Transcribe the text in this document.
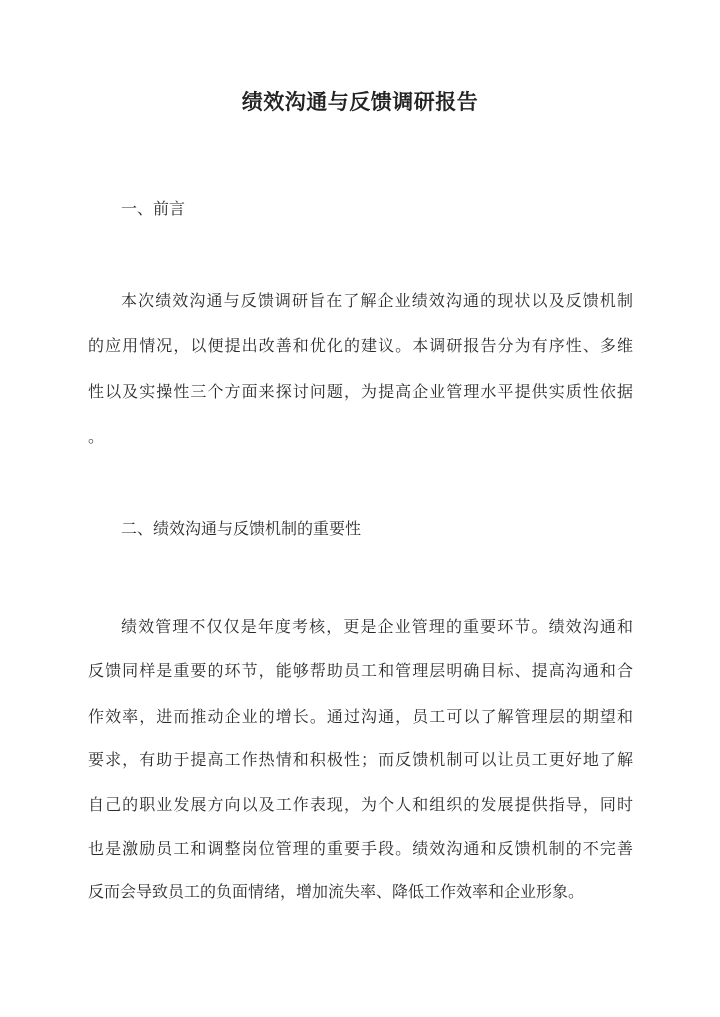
绩效沟通与反馈调研报告
一、前言
本次绩效沟通与反馈调研旨在了解企业绩效沟通的现状以及反馈机制
的应用情况，以便提出改善和优化的建议。本调研报告分为有序性、多维
性以及实操性三个方面来探讨问题，为提高企业管理水平提供实质性依据
。
二、绩效沟通与反馈机制的重要性
绩效管理不仅仅是年度考核，更是企业管理的重要环节。绩效沟通和
反馈同样是重要的环节，能够帮助员工和管理层明确目标、提高沟通和合
作效率，进而推动企业的增长。通过沟通，员工可以了解管理层的期望和
要求，有助于提高工作热情和积极性；而反馈机制可以让员工更好地了解
自己的职业发展方向以及工作表现，为个人和组织的发展提供指导，同时
也是激励员工和调整岗位管理的重要手段。绩效沟通和反馈机制的不完善
反而会导致员工的负面情绪，增加流失率、降低工作效率和企业形象。
